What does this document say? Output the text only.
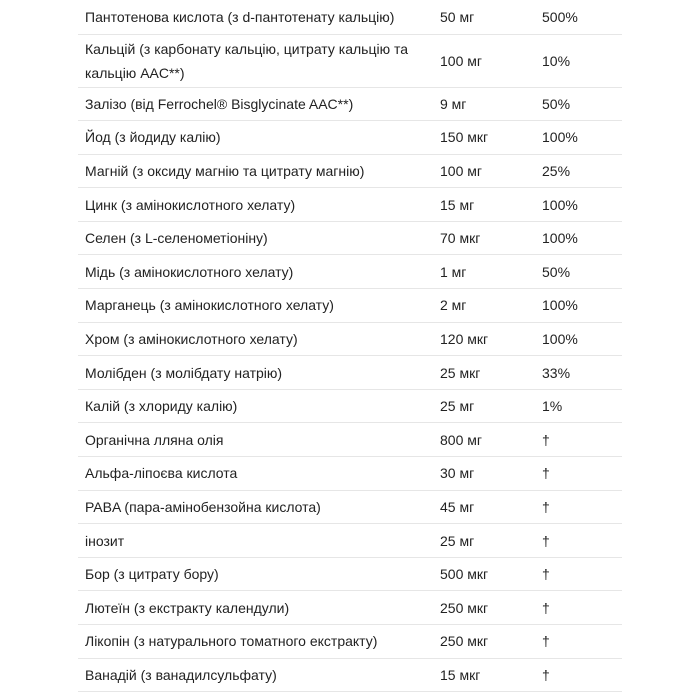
Пантотенова кислота (з d-пантотенату кальцію)	50 мг	500%
Кальцій (з карбонату кальцію, цитрату кальцію та кальцію AAC**)	100 мг	10%
Залізо (від Ferrochel® Bisglycinate AAC**)	9 мг	50%
Йод (з йодиду калію)	150 мкг	100%
Магній (з оксиду магнію та цитрату магнію)	100 мг	25%
Цинк (з амінокислотного хелату)	15 мг	100%
Селен (з L-селенометіоніну)	70 мкг	100%
Мідь (з амінокислотного хелату)	1 мг	50%
Марганець (з амінокислотного хелату)	2 мг	100%
Хром (з амінокислотного хелату)	120 мкг	100%
Молібден (з молібдату натрію)	25 мкг	33%
Калій (з хлориду калію)	25 мг	1%
Органічна лляна олія	800 мг	†
Альфа-ліпоєва кислота	30 мг	†
PABA (пара-амінобензойна кислота)	45 мг	†
інозит	25 мг	†
Бор (з цитрату бору)	500 мкг	†
Лютеїн (з екстракту календули)	250 мкг	†
Лікопін (з натурального томатного екстракту)	250 мкг	†
Ванадій (з ванадилсульфату)	15 мкг	†
